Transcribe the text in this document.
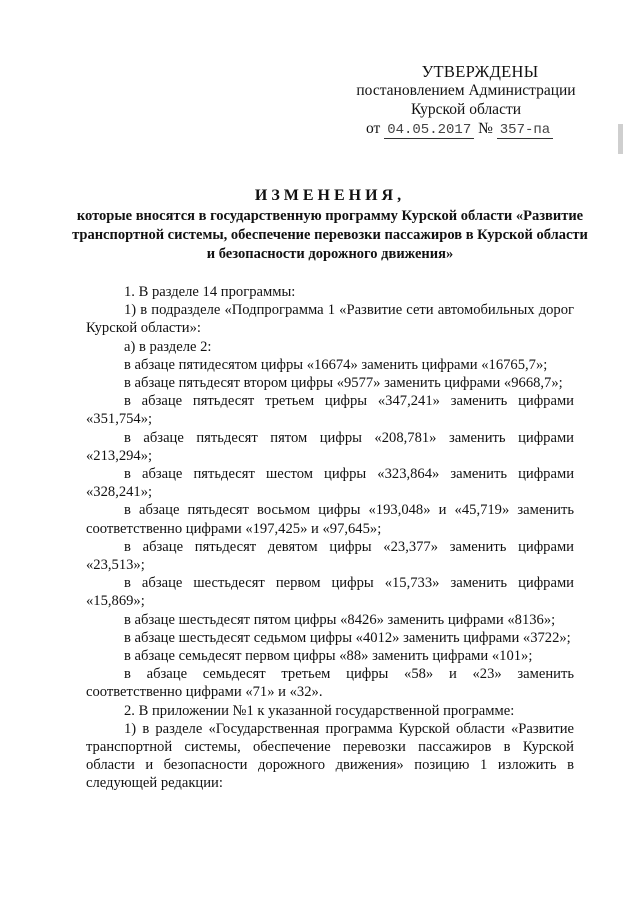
УТВЕРЖДЕНЫ
постановлением Администрации
Курской области
от 04.05.2017 № 357-па
ИЗМЕНЕНИЯ,
которые вносятся в государственную программу Курской области «Развитие транспортной системы, обеспечение перевозки пассажиров в Курской области и безопасности дорожного движения»

1. В разделе 14 программы:

1) в подразделе «Подпрограмма 1 «Развитие сети автомобильных дорог Курской области»:

а) в разделе 2:

в абзаце пятидесятом цифры «16674» заменить цифрами «16765,7»;

в абзаце пятьдесят втором цифры «9577» заменить цифрами «9668,7»;

в абзаце пятьдесят третьем цифры «347,241» заменить цифрами «351,754»;

в абзаце пятьдесят пятом цифры «208,781» заменить цифрами «213,294»;

в абзаце пятьдесят шестом цифры «323,864» заменить цифрами «328,241»;

в абзаце пятьдесят восьмом цифры «193,048» и «45,719» заменить соответственно цифрами «197,425» и «97,645»;

в абзаце пятьдесят девятом цифры «23,377» заменить цифрами «23,513»;

в абзаце шестьдесят первом цифры «15,733» заменить цифрами «15,869»;

в абзаце шестьдесят пятом цифры «8426» заменить цифрами «8136»;

в абзаце шестьдесят седьмом цифры «4012» заменить цифрами «3722»;

в абзаце семьдесят первом цифры «88» заменить цифрами «101»;

в абзаце семьдесят третьем цифры «58» и «23» заменить соответственно цифрами «71» и «32».

2. В приложении №1 к указанной государственной программе:

1) в разделе «Государственная программа Курской области «Развитие транспортной системы, обеспечение перевозки пассажиров в Курской области и безопасности дорожного движения» позицию 1 изложить в следующей редакции:
